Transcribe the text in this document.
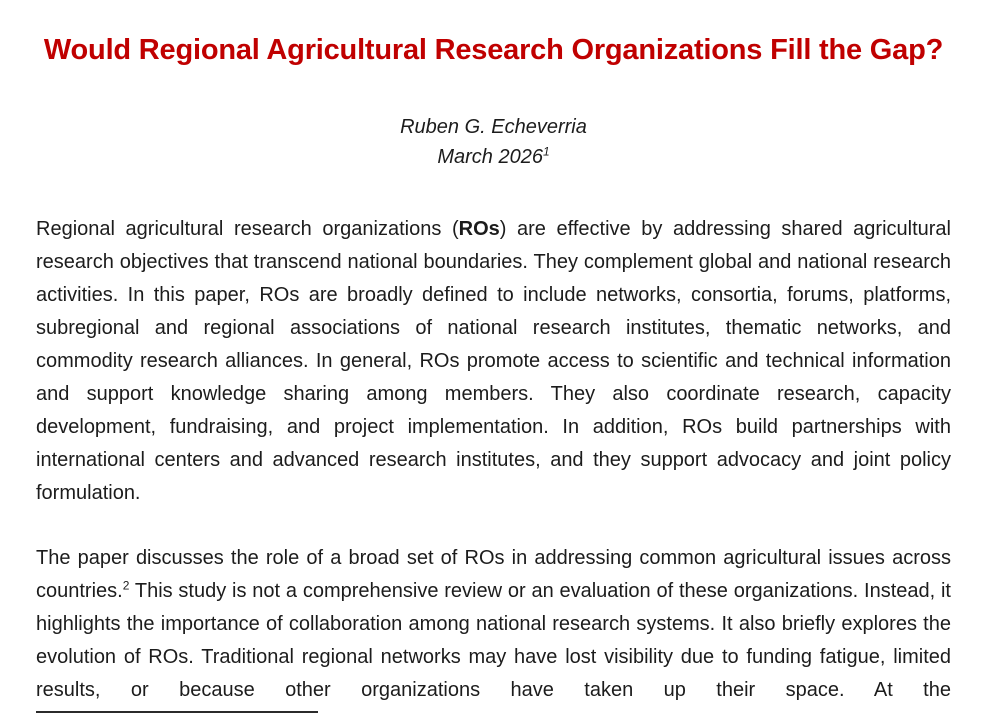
Would Regional Agricultural Research Organizations Fill the Gap?
Ruben G. Echeverria
March 2026$^1$

Regional agricultural research organizations (ROs) are effective by addressing shared agricultural research objectives that transcend national boundaries. They complement global and national research activities. In this paper, ROs are broadly defined to include networks, consortia, forums, platforms, subregional and regional associations of national research institutes, thematic networks, and commodity research alliances. In general, ROs promote access to scientific and technical information and support knowledge sharing among members. They also coordinate research, capacity development, fundraising, and project implementation. In addition, ROs build partnerships with international centers and advanced research institutes, and they support advocacy and joint policy formulation.

The paper discusses the role of a broad set of ROs in addressing common agricultural issues across countries.$^2$ This study is not a comprehensive review or an evaluation of these organizations. Instead, it highlights the importance of collaboration among national research systems. It also briefly explores the evolution of ROs. Traditional regional networks may have lost visibility due to funding fatigue, limited results, or because other organizations have taken up their space. At the
